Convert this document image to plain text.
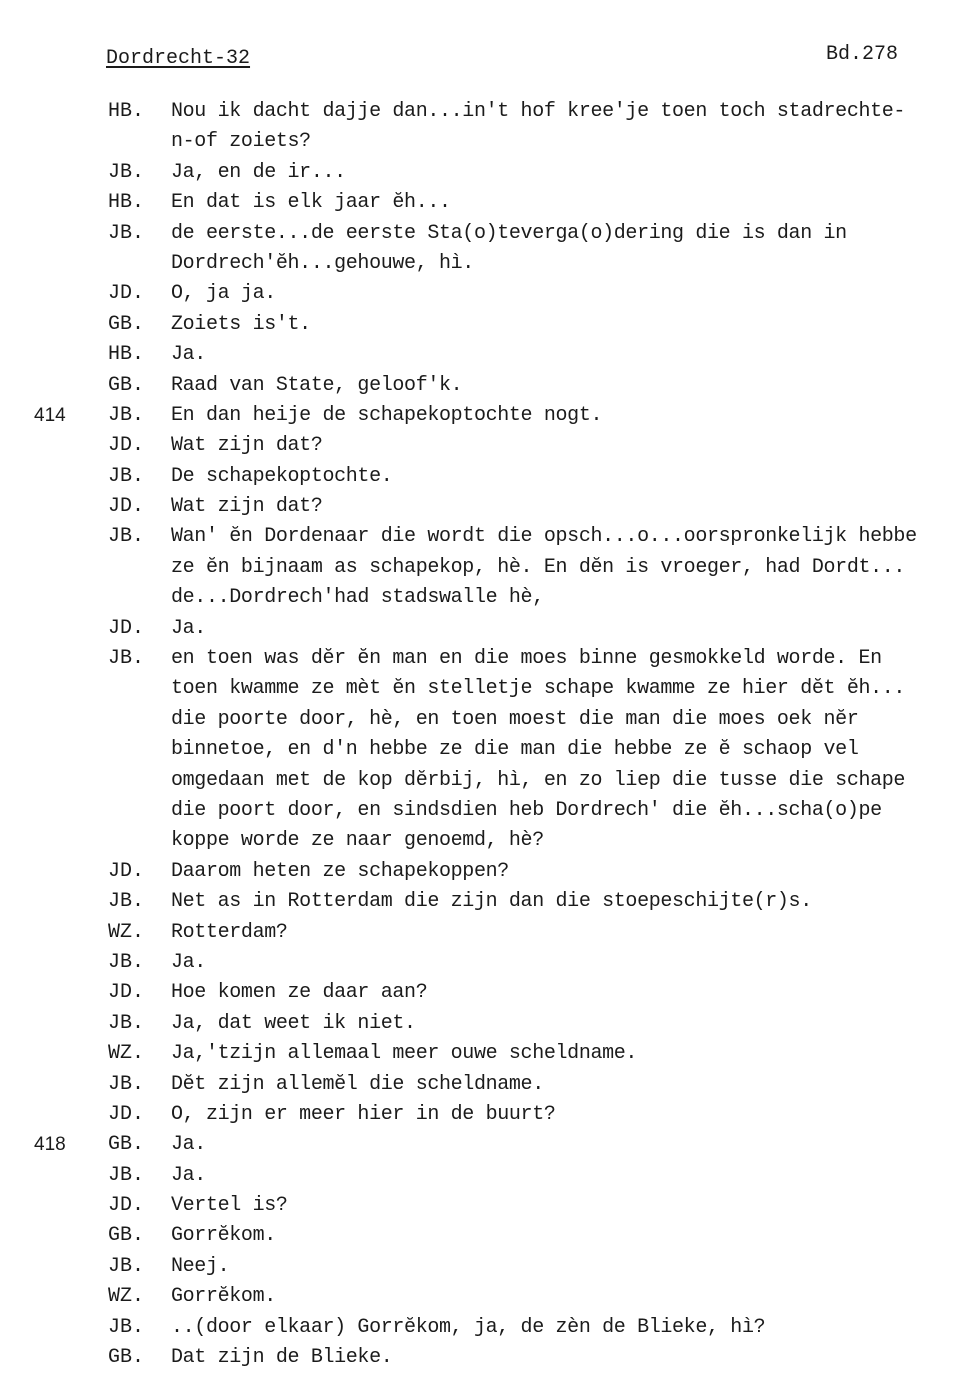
Dordrecht-32	Bd.278
HB. Nou ik dacht dajje dan...in't hof kree'je toen toch stadrechte-
n-of zoiets?
JB. Ja, en de ir...
HB. En dat is elk jaar ĕh...
JB. de eerste...de eerste Sta(o)teverga(o)dering die is dan in
Dordrech'ĕh...gehouwe, hì.
JD. O, ja ja.
GB. Zoiets is't.
HB. Ja.
GB. Raad van State, geloof'k.
414 JB. En dan heije de schapekoptochte nogt.
JD. Wat zijn dat?
JB. De schapekoptochte.
JD. Wat zijn dat?
JB. Wan' ĕn Dordenaar die wordt die opsch...o...oorspronkelijk hebbe
ze ĕn bijnaam as schapekop, hè. En dĕn is vroeger, had Dordt...
de...Dordrech'had stadswalle hè,
JD. Ja.
JB. en toen was dĕr ĕn man en die moes binne gesmokkeld worde. En
toen kwamme ze mèt ĕn stelletje schape kwamme ze hier dĕt ĕh...
die poorte door, hè, en toen moest die man die moes oek nĕr
binnetoe, en d'n hebbe ze die man die hebbe ze ĕ schaop vel
omgedaan met de kop dĕrbij, hì, en zo liep die tusse die schape
die poort door, en sindsdien heb Dordrech' die ĕh...scha(o)pe
koppe worde ze naar genoemd, hè?
JD. Daarom heten ze schapekoppen?
JB. Net as in Rotterdam die zijn dan die stoepeschijte(r)s.
WZ. Rotterdam?
JB. Ja.
JD. Hoe komen ze daar aan?
JB. Ja, dat weet ik niet.
WZ. Ja,'tzijn allemaal meer ouwe scheldname.
JB. Dĕt zijn allemĕl die scheldname.
JD. O, zijn er meer hier in de buurt?
418 GB. Ja.
JB. Ja.
JD. Vertel is?
GB. Gorrĕkom.
JB. Neej.
WZ. Gorrĕkom.
JB. ..(door elkaar) Gorrĕkom, ja, de zèn de Blieke, hì?
GB. Dat zijn de Blieke.
